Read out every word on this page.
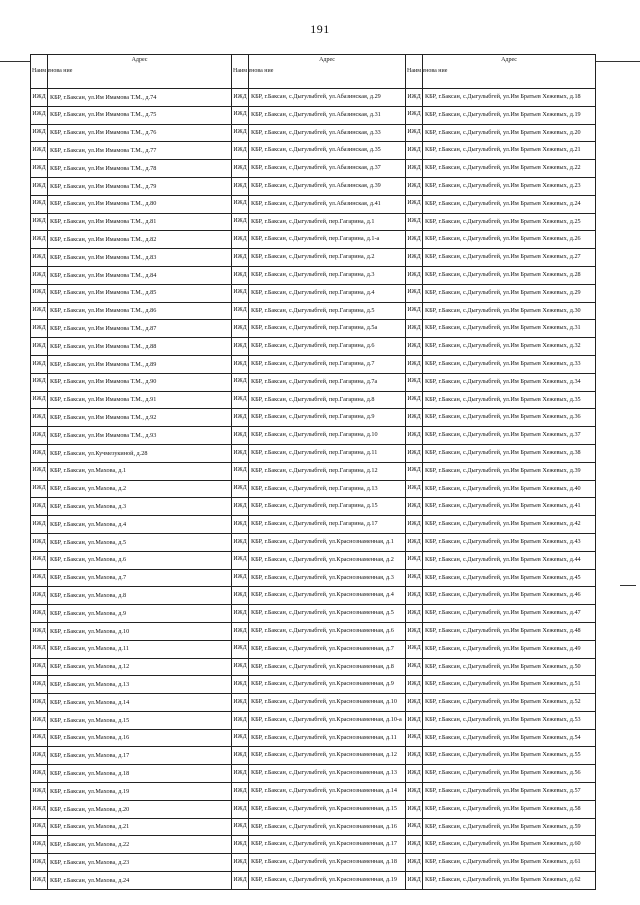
191
Наим енова ние	Адрес	Наим енова ние	Адрес	Наим енова ние	Адрес
ИЖД	КБР, г.Баксан, ул.Им Имамова Т.М., д.74	ИЖД	КБР, г.Баксан, с.Дыгулыбгей, ул.Абазинская, д.29	ИЖД	КБР, г.Баксан, с.Дыгулыбгей, ул.Им Братьев Хежевых, д.18
ИЖД	КБР, г.Баксан, ул.Им Имамова Т.М., д.75	ИЖД	КБР, г.Баксан, с.Дыгулыбгей, ул.Абазинская, д.31	ИЖД	КБР, г.Баксан, с.Дыгулыбгей, ул.Им Братьев Хежевых, д.19
ИЖД	КБР, г.Баксан, ул.Им Имамова Т.М., д.76	ИЖД	КБР, г.Баксан, с.Дыгулыбгей, ул.Абазинская, д.33	ИЖД	КБР, г.Баксан, с.Дыгулыбгей, ул.Им Братьев Хежевых, д.20
ИЖД	КБР, г.Баксан, ул.Им Имамова Т.М., д.77	ИЖД	КБР, г.Баксан, с.Дыгулыбгей, ул.Абазинская, д.35	ИЖД	КБР, г.Баксан, с.Дыгулыбгей, ул.Им Братьев Хежевых, д.21
ИЖД	КБР, г.Баксан, ул.Им Имамова Т.М., д.78	ИЖД	КБР, г.Баксан, с.Дыгулыбгей, ул.Абазинская, д.37	ИЖД	КБР, г.Баксан, с.Дыгулыбгей, ул.Им Братьев Хежевых, д.22
ИЖД	КБР, г.Баксан, ул.Им Имамова Т.М., д.79	ИЖД	КБР, г.Баксан, с.Дыгулыбгей, ул.Абазинская, д.39	ИЖД	КБР, г.Баксан, с.Дыгулыбгей, ул.Им Братьев Хежевых, д.23
ИЖД	КБР, г.Баксан, ул.Им Имамова Т.М., д.80	ИЖД	КБР, г.Баксан, с.Дыгулыбгей, ул.Абазинская, д.41	ИЖД	КБР, г.Баксан, с.Дыгулыбгей, ул.Им Братьев Хежевых, д.24
ИЖД	КБР, г.Баксан, ул.Им Имамова Т.М., д.81	ИЖД	КБР, г.Баксан, с.Дыгулыбгей, пер.Гагарина, д.1	ИЖД	КБР, г.Баксан, с.Дыгулыбгей, ул.Им Братьев Хежевых, д.25
ИЖД	КБР, г.Баксан, ул.Им Имамова Т.М., д.82	ИЖД	КБР, г.Баксан, с.Дыгулыбгей, пер.Гагарина, д.1-а	ИЖД	КБР, г.Баксан, с.Дыгулыбгей, ул.Им Братьев Хежевых, д.26
ИЖД	КБР, г.Баксан, ул.Им Имамова Т.М., д.83	ИЖД	КБР, г.Баксан, с.Дыгулыбгей, пер.Гагарина, д.2	ИЖД	КБР, г.Баксан, с.Дыгулыбгей, ул.Им Братьев Хежевых, д.27
ИЖД	КБР, г.Баксан, ул.Им Имамова Т.М., д.84	ИЖД	КБР, г.Баксан, с.Дыгулыбгей, пер.Гагарина, д.3	ИЖД	КБР, г.Баксан, с.Дыгулыбгей, ул.Им Братьев Хежевых, д.28
ИЖД	КБР, г.Баксан, ул.Им Имамова Т.М., д.85	ИЖД	КБР, г.Баксан, с.Дыгулыбгей, пер.Гагарина, д.4	ИЖД	КБР, г.Баксан, с.Дыгулыбгей, ул.Им Братьев Хежевых, д.29
ИЖД	КБР, г.Баксан, ул.Им Имамова Т.М., д.86	ИЖД	КБР, г.Баксан, с.Дыгулыбгей, пер.Гагарина, д.5	ИЖД	КБР, г.Баксан, с.Дыгулыбгей, ул.Им Братьев Хежевых, д.30
ИЖД	КБР, г.Баксан, ул.Им Имамова Т.М., д.87	ИЖД	КБР, г.Баксан, с.Дыгулыбгей, пер.Гагарина, д.5а	ИЖД	КБР, г.Баксан, с.Дыгулыбгей, ул.Им Братьев Хежевых, д.31
ИЖД	КБР, г.Баксан, ул.Им Имамова Т.М., д.88	ИЖД	КБР, г.Баксан, с.Дыгулыбгей, пер.Гагарина, д.6	ИЖД	КБР, г.Баксан, с.Дыгулыбгей, ул.Им Братьев Хежевых, д.32
ИЖД	КБР, г.Баксан, ул.Им Имамова Т.М., д.89	ИЖД	КБР, г.Баксан, с.Дыгулыбгей, пер.Гагарина, д.7	ИЖД	КБР, г.Баксан, с.Дыгулыбгей, ул.Им Братьев Хежевых, д.33
ИЖД	КБР, г.Баксан, ул.Им Имамова Т.М., д.90	ИЖД	КБР, г.Баксан, с.Дыгулыбгей, пер.Гагарина, д.7а	ИЖД	КБР, г.Баксан, с.Дыгулыбгей, ул.Им Братьев Хежевых, д.34
ИЖД	КБР, г.Баксан, ул.Им Имамова Т.М., д.91	ИЖД	КБР, г.Баксан, с.Дыгулыбгей, пер.Гагарина, д.8	ИЖД	КБР, г.Баксан, с.Дыгулыбгей, ул.Им Братьев Хежевых, д.35
ИЖД	КБР, г.Баксан, ул.Им Имамова Т.М., д.92	ИЖД	КБР, г.Баксан, с.Дыгулыбгей, пер.Гагарина, д.9	ИЖД	КБР, г.Баксан, с.Дыгулыбгей, ул.Им Братьев Хежевых, д.36
ИЖД	КБР, г.Баксан, ул.Им Имамова Т.М., д.93	ИЖД	КБР, г.Баксан, с.Дыгулыбгей, пер.Гагарина, д.10	ИЖД	КБР, г.Баксан, с.Дыгулыбгей, ул.Им Братьев Хежевых, д.37
ИЖД	КБР, г.Баксан, ул.Кучмезукиной, д.28	ИЖД	КБР, г.Баксан, с.Дыгулыбгей, пер.Гагарина, д.11	ИЖД	КБР, г.Баксан, с.Дыгулыбгей, ул.Им Братьев Хежевых, д.38
ИЖД	КБР, г.Баксан, ул.Махова, д.1	ИЖД	КБР, г.Баксан, с.Дыгулыбгей, пер.Гагарина, д.12	ИЖД	КБР, г.Баксан, с.Дыгулыбгей, ул.Им Братьев Хежевых, д.39
ИЖД	КБР, г.Баксан, ул.Махова, д.2	ИЖД	КБР, г.Баксан, с.Дыгулыбгей, пер.Гагарина, д.13	ИЖД	КБР, г.Баксан, с.Дыгулыбгей, ул.Им Братьев Хежевых, д.40
ИЖД	КБР, г.Баксан, ул.Махова, д.3	ИЖД	КБР, г.Баксан, с.Дыгулыбгей, пер.Гагарина, д.15	ИЖД	КБР, г.Баксан, с.Дыгулыбгей, ул.Им Братьев Хежевых, д.41
ИЖД	КБР, г.Баксан, ул.Махова, д.4	ИЖД	КБР, г.Баксан, с.Дыгулыбгей, пер.Гагарина, д.17	ИЖД	КБР, г.Баксан, с.Дыгулыбгей, ул.Им Братьев Хежевых, д.42
ИЖД	КБР, г.Баксан, ул.Махова, д.5	ИЖД	КБР, г.Баксан, с.Дыгулыбгей, ул.Краснознаменная, д.1	ИЖД	КБР, г.Баксан, с.Дыгулыбгей, ул.Им Братьев Хежевых, д.43
ИЖД	КБР, г.Баксан, ул.Махова, д.6	ИЖД	КБР, г.Баксан, с.Дыгулыбгей, ул.Краснознаменная, д.2	ИЖД	КБР, г.Баксан, с.Дыгулыбгей, ул.Им Братьев Хежевых, д.44
ИЖД	КБР, г.Баксан, ул.Махова, д.7	ИЖД	КБР, г.Баксан, с.Дыгулыбгей, ул.Краснознаменная, д.3	ИЖД	КБР, г.Баксан, с.Дыгулыбгей, ул.Им Братьев Хежевых, д.45
ИЖД	КБР, г.Баксан, ул.Махова, д.8	ИЖД	КБР, г.Баксан, с.Дыгулыбгей, ул.Краснознаменная, д.4	ИЖД	КБР, г.Баксан, с.Дыгулыбгей, ул.Им Братьев Хежевых, д.46
ИЖД	КБР, г.Баксан, ул.Махова, д.9	ИЖД	КБР, г.Баксан, с.Дыгулыбгей, ул.Краснознаменная, д.5	ИЖД	КБР, г.Баксан, с.Дыгулыбгей, ул.Им Братьев Хежевых, д.47
ИЖД	КБР, г.Баксан, ул.Махова, д.10	ИЖД	КБР, г.Баксан, с.Дыгулыбгей, ул.Краснознаменная, д.6	ИЖД	КБР, г.Баксан, с.Дыгулыбгей, ул.Им Братьев Хежевых, д.48
ИЖД	КБР, г.Баксан, ул.Махова, д.11	ИЖД	КБР, г.Баксан, с.Дыгулыбгей, ул.Краснознаменная, д.7	ИЖД	КБР, г.Баксан, с.Дыгулыбгей, ул.Им Братьев Хежевых, д.49
ИЖД	КБР, г.Баксан, ул.Махова, д.12	ИЖД	КБР, г.Баксан, с.Дыгулыбгей, ул.Краснознаменная, д.8	ИЖД	КБР, г.Баксан, с.Дыгулыбгей, ул.Им Братьев Хежевых, д.50
ИЖД	КБР, г.Баксан, ул.Махова, д.13	ИЖД	КБР, г.Баксан, с.Дыгулыбгей, ул.Краснознаменная, д.9	ИЖД	КБР, г.Баксан, с.Дыгулыбгей, ул.Им Братьев Хежевых, д.51
ИЖД	КБР, г.Баксан, ул.Махова, д.14	ИЖД	КБР, г.Баксан, с.Дыгулыбгей, ул.Краснознаменная, д.10	ИЖД	КБР, г.Баксан, с.Дыгулыбгей, ул.Им Братьев Хежевых, д.52
ИЖД	КБР, г.Баксан, ул.Махова, д.15	ИЖД	КБР, г.Баксан, с.Дыгулыбгей, ул.Краснознаменная, д.10-а	ИЖД	КБР, г.Баксан, с.Дыгулыбгей, ул.Им Братьев Хежевых, д.53
ИЖД	КБР, г.Баксан, ул.Махова, д.16	ИЖД	КБР, г.Баксан, с.Дыгулыбгей, ул.Краснознаменная, д.11	ИЖД	КБР, г.Баксан, с.Дыгулыбгей, ул.Им Братьев Хежевых, д.54
ИЖД	КБР, г.Баксан, ул.Махова, д.17	ИЖД	КБР, г.Баксан, с.Дыгулыбгей, ул.Краснознаменная, д.12	ИЖД	КБР, г.Баксан, с.Дыгулыбгей, ул.Им Братьев Хежевых, д.55
ИЖД	КБР, г.Баксан, ул.Махова, д.18	ИЖД	КБР, г.Баксан, с.Дыгулыбгей, ул.Краснознаменная, д.13	ИЖД	КБР, г.Баксан, с.Дыгулыбгей, ул.Им Братьев Хежевых, д.56
ИЖД	КБР, г.Баксан, ул.Махова, д.19	ИЖД	КБР, г.Баксан, с.Дыгулыбгей, ул.Краснознаменная, д.14	ИЖД	КБР, г.Баксан, с.Дыгулыбгей, ул.Им Братьев Хежевых, д.57
ИЖД	КБР, г.Баксан, ул.Махова, д.20	ИЖД	КБР, г.Баксан, с.Дыгулыбгей, ул.Краснознаменная, д.15	ИЖД	КБР, г.Баксан, с.Дыгулыбгей, ул.Им Братьев Хежевых, д.58
ИЖД	КБР, г.Баксан, ул.Махова, д.21	ИЖД	КБР, г.Баксан, с.Дыгулыбгей, ул.Краснознаменная, д.16	ИЖД	КБР, г.Баксан, с.Дыгулыбгей, ул.Им Братьев Хежевых, д.59
ИЖД	КБР, г.Баксан, ул.Махова, д.22	ИЖД	КБР, г.Баксан, с.Дыгулыбгей, ул.Краснознаменная, д.17	ИЖД	КБР, г.Баксан, с.Дыгулыбгей, ул.Им Братьев Хежевых, д.60
ИЖД	КБР, г.Баксан, ул.Махова, д.23	ИЖД	КБР, г.Баксан, с.Дыгулыбгей, ул.Краснознаменная, д.18	ИЖД	КБР, г.Баксан, с.Дыгулыбгей, ул.Им Братьев Хежевых, д.61
ИЖД	КБР, г.Баксан, ул.Махова, д.24	ИЖД	КБР, г.Баксан, с.Дыгулыбгей, ул.Краснознаменная, д.19	ИЖД	КБР, г.Баксан, с.Дыгулыбгей, ул.Им Братьев Хежевых, д.62
